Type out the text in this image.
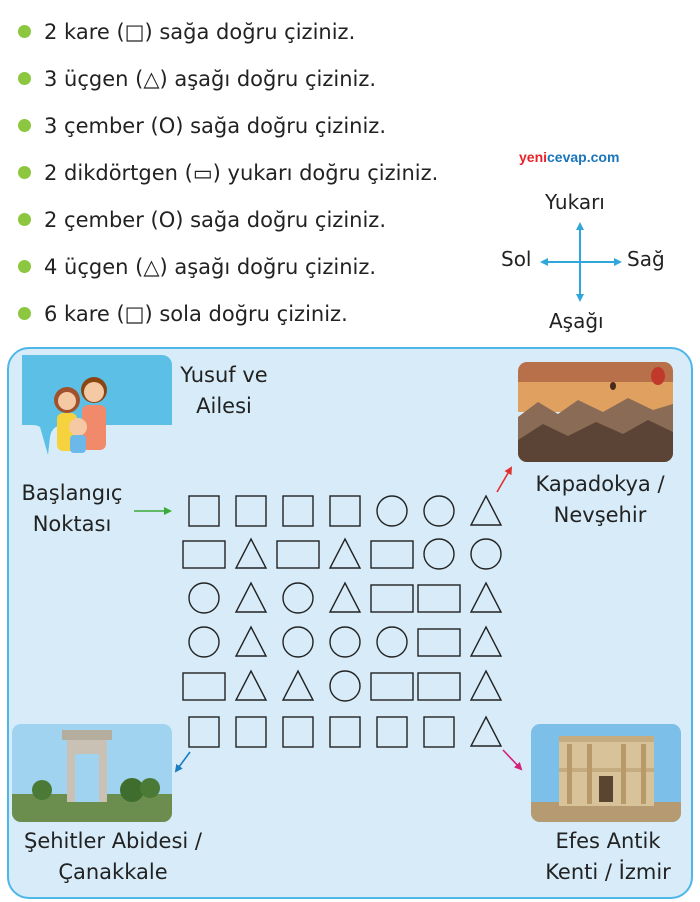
2 kare (□) sağa doğru çiziniz.
3 üçgen (△) aşağı doğru çiziniz.
3 çember (O) sağa doğru çiziniz.
2 dikdörtgen (▭) yukarı doğru çiziniz.
2 çember (O) sağa doğru çiziniz.
4 üçgen (△) aşağı doğru çiziniz.
6 kare (□) sola doğru çiziniz.
yenicevap.com
Yukarı
Sol	Sağ
Aşağı
Yusuf ve
Ailesi
Başlangıç
Noktası
Kapadokya /
Nevşehir
Şehitler Abidesi /
Çanakkale
Efes Antik
Kenti / İzmir
